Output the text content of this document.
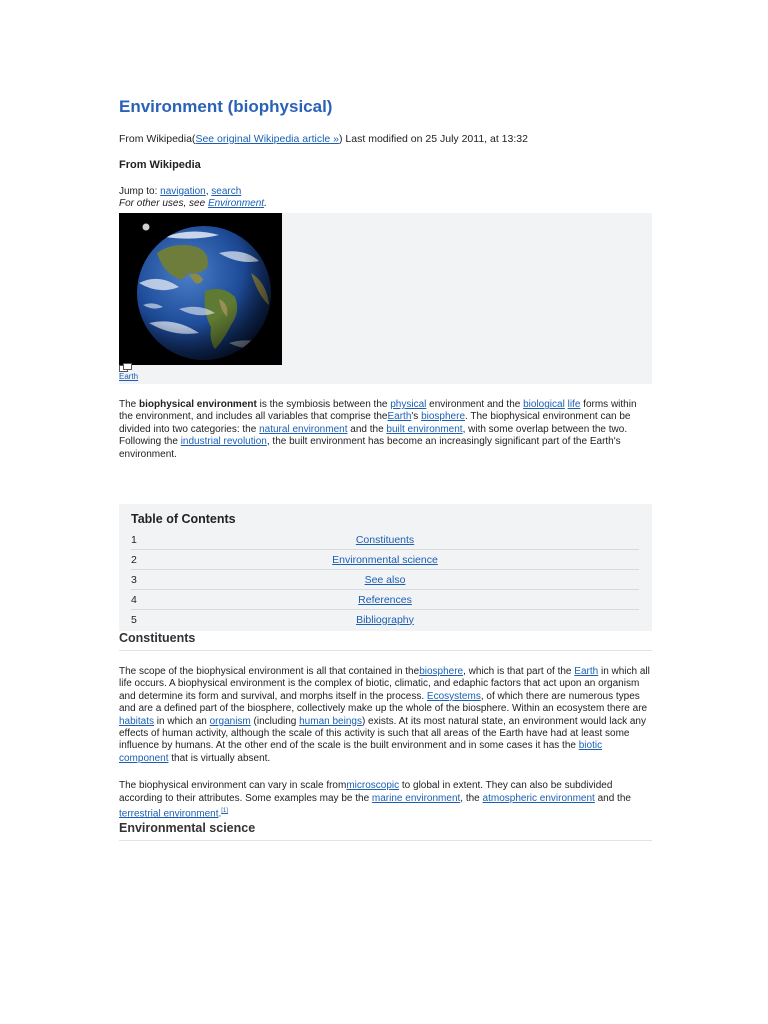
Environment (biophysical)
From Wikipedia(See original Wikipedia article ») Last modified on 25 July 2011, at 13:32
From Wikipedia
Jump to: navigation, search
For other uses, see Environment.
Earth

The biophysical environment is the symbiosis between the physical environment and the biological life forms within the environment, and includes all variables that comprise theEarth's biosphere. The biophysical environment can be divided into two categories: the natural environment and the built environment, with some overlap between the two. Following the industrial revolution, the built environment has become an increasingly significant part of the Earth's environment.

Table of Contents
1	Constituents
2	Environmental science
3	See also
4	References
5	Bibliography
Constituents

The scope of the biophysical environment is all that contained in thebiosphere, which is that part of the Earth in which all life occurs. A biophysical environment is the complex of biotic, climatic, and edaphic factors that act upon an organism and determine its form and survival, and morphs itself in the process. Ecosystems, of which there are numerous types and are a defined part of the biosphere, collectively make up the whole of the biosphere. Within an ecosystem there are habitats in which an organism (including human beings) exists. At its most natural state, an environment would lack any effects of human activity, although the scale of this activity is such that all areas of the Earth have had at least some influence by humans. At the other end of the scale is the built environment and in some cases it has the biotic component that is virtually absent.

The biophysical environment can vary in scale frommicroscopic to global in extent. They can also be subdivided according to their attributes. Some examples may be the marine environment, the atmospheric environment and the terrestrial environment.[1]

Environmental science
